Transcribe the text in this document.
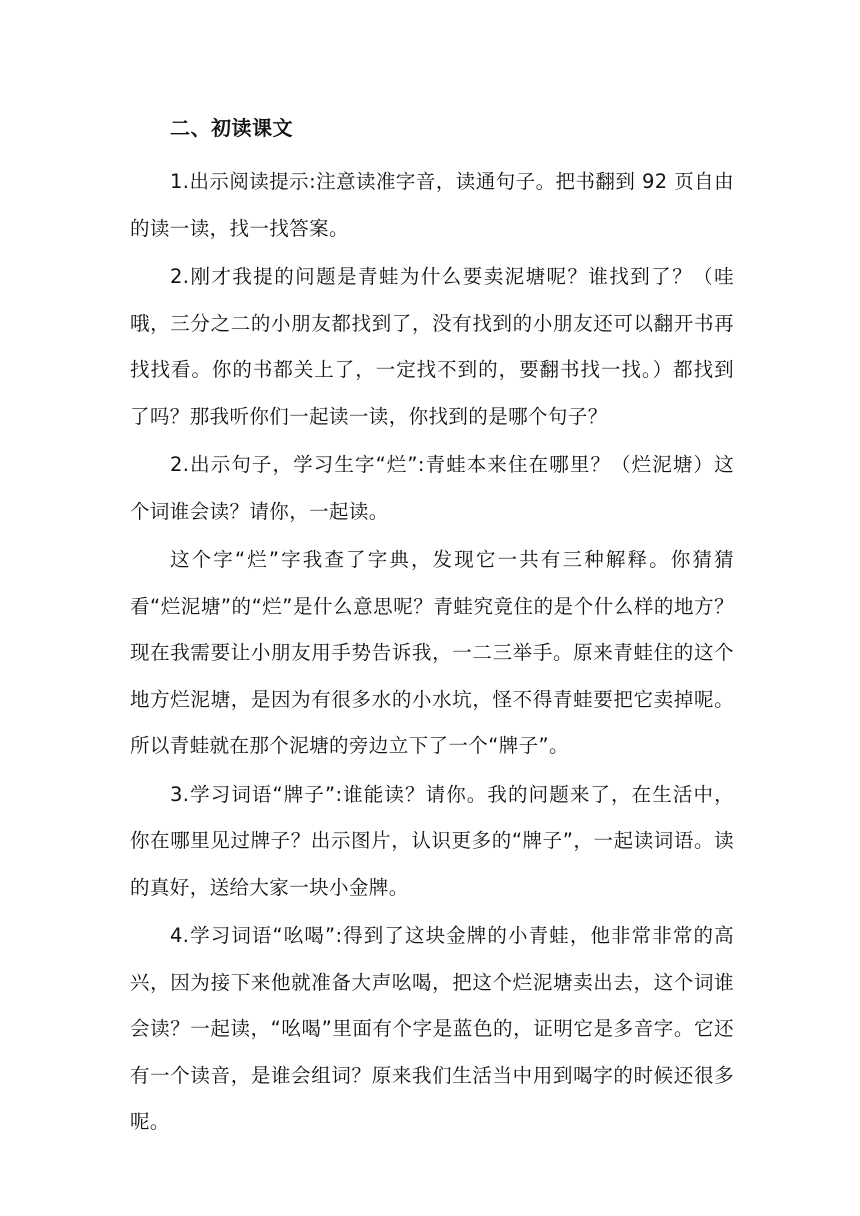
二、初读课文

1.出示阅读提示:注意读准字音，读通句子。把书翻到 92 页自由的读一读，找一找答案。

2.刚才我提的问题是青蛙为什么要卖泥塘呢？谁找到了？（哇哦，三分之二的小朋友都找到了，没有找到的小朋友还可以翻开书再找找看。你的书都关上了，一定找不到的，要翻书找一找。）都找到了吗？那我听你们一起读一读，你找到的是哪个句子？

2.出示句子，学习生字“烂”:青蛙本来住在哪里？（烂泥塘）这个词谁会读？请你，一起读。

这个字“烂”字我查了字典，发现它一共有三种解释。你猜猜看“烂泥塘”的“烂”是什么意思呢？青蛙究竟住的是个什么样的地方？现在我需要让小朋友用手势告诉我，一二三举手。原来青蛙住的这个地方烂泥塘，是因为有很多水的小水坑，怪不得青蛙要把它卖掉呢。所以青蛙就在那个泥塘的旁边立下了一个“牌子”。

3.学习词语“牌子”:谁能读？请你。我的问题来了，在生活中，你在哪里见过牌子？出示图片，认识更多的“牌子”，一起读词语。读的真好，送给大家一块小金牌。

4.学习词语“吆喝”:得到了这块金牌的小青蛙，他非常非常的高兴，因为接下来他就准备大声吆喝，把这个烂泥塘卖出去，这个词谁会读？一起读，“吆喝”里面有个字是蓝色的，证明它是多音字。它还有一个读音，是谁会组词？原来我们生活当中用到喝字的时候还很多呢。
